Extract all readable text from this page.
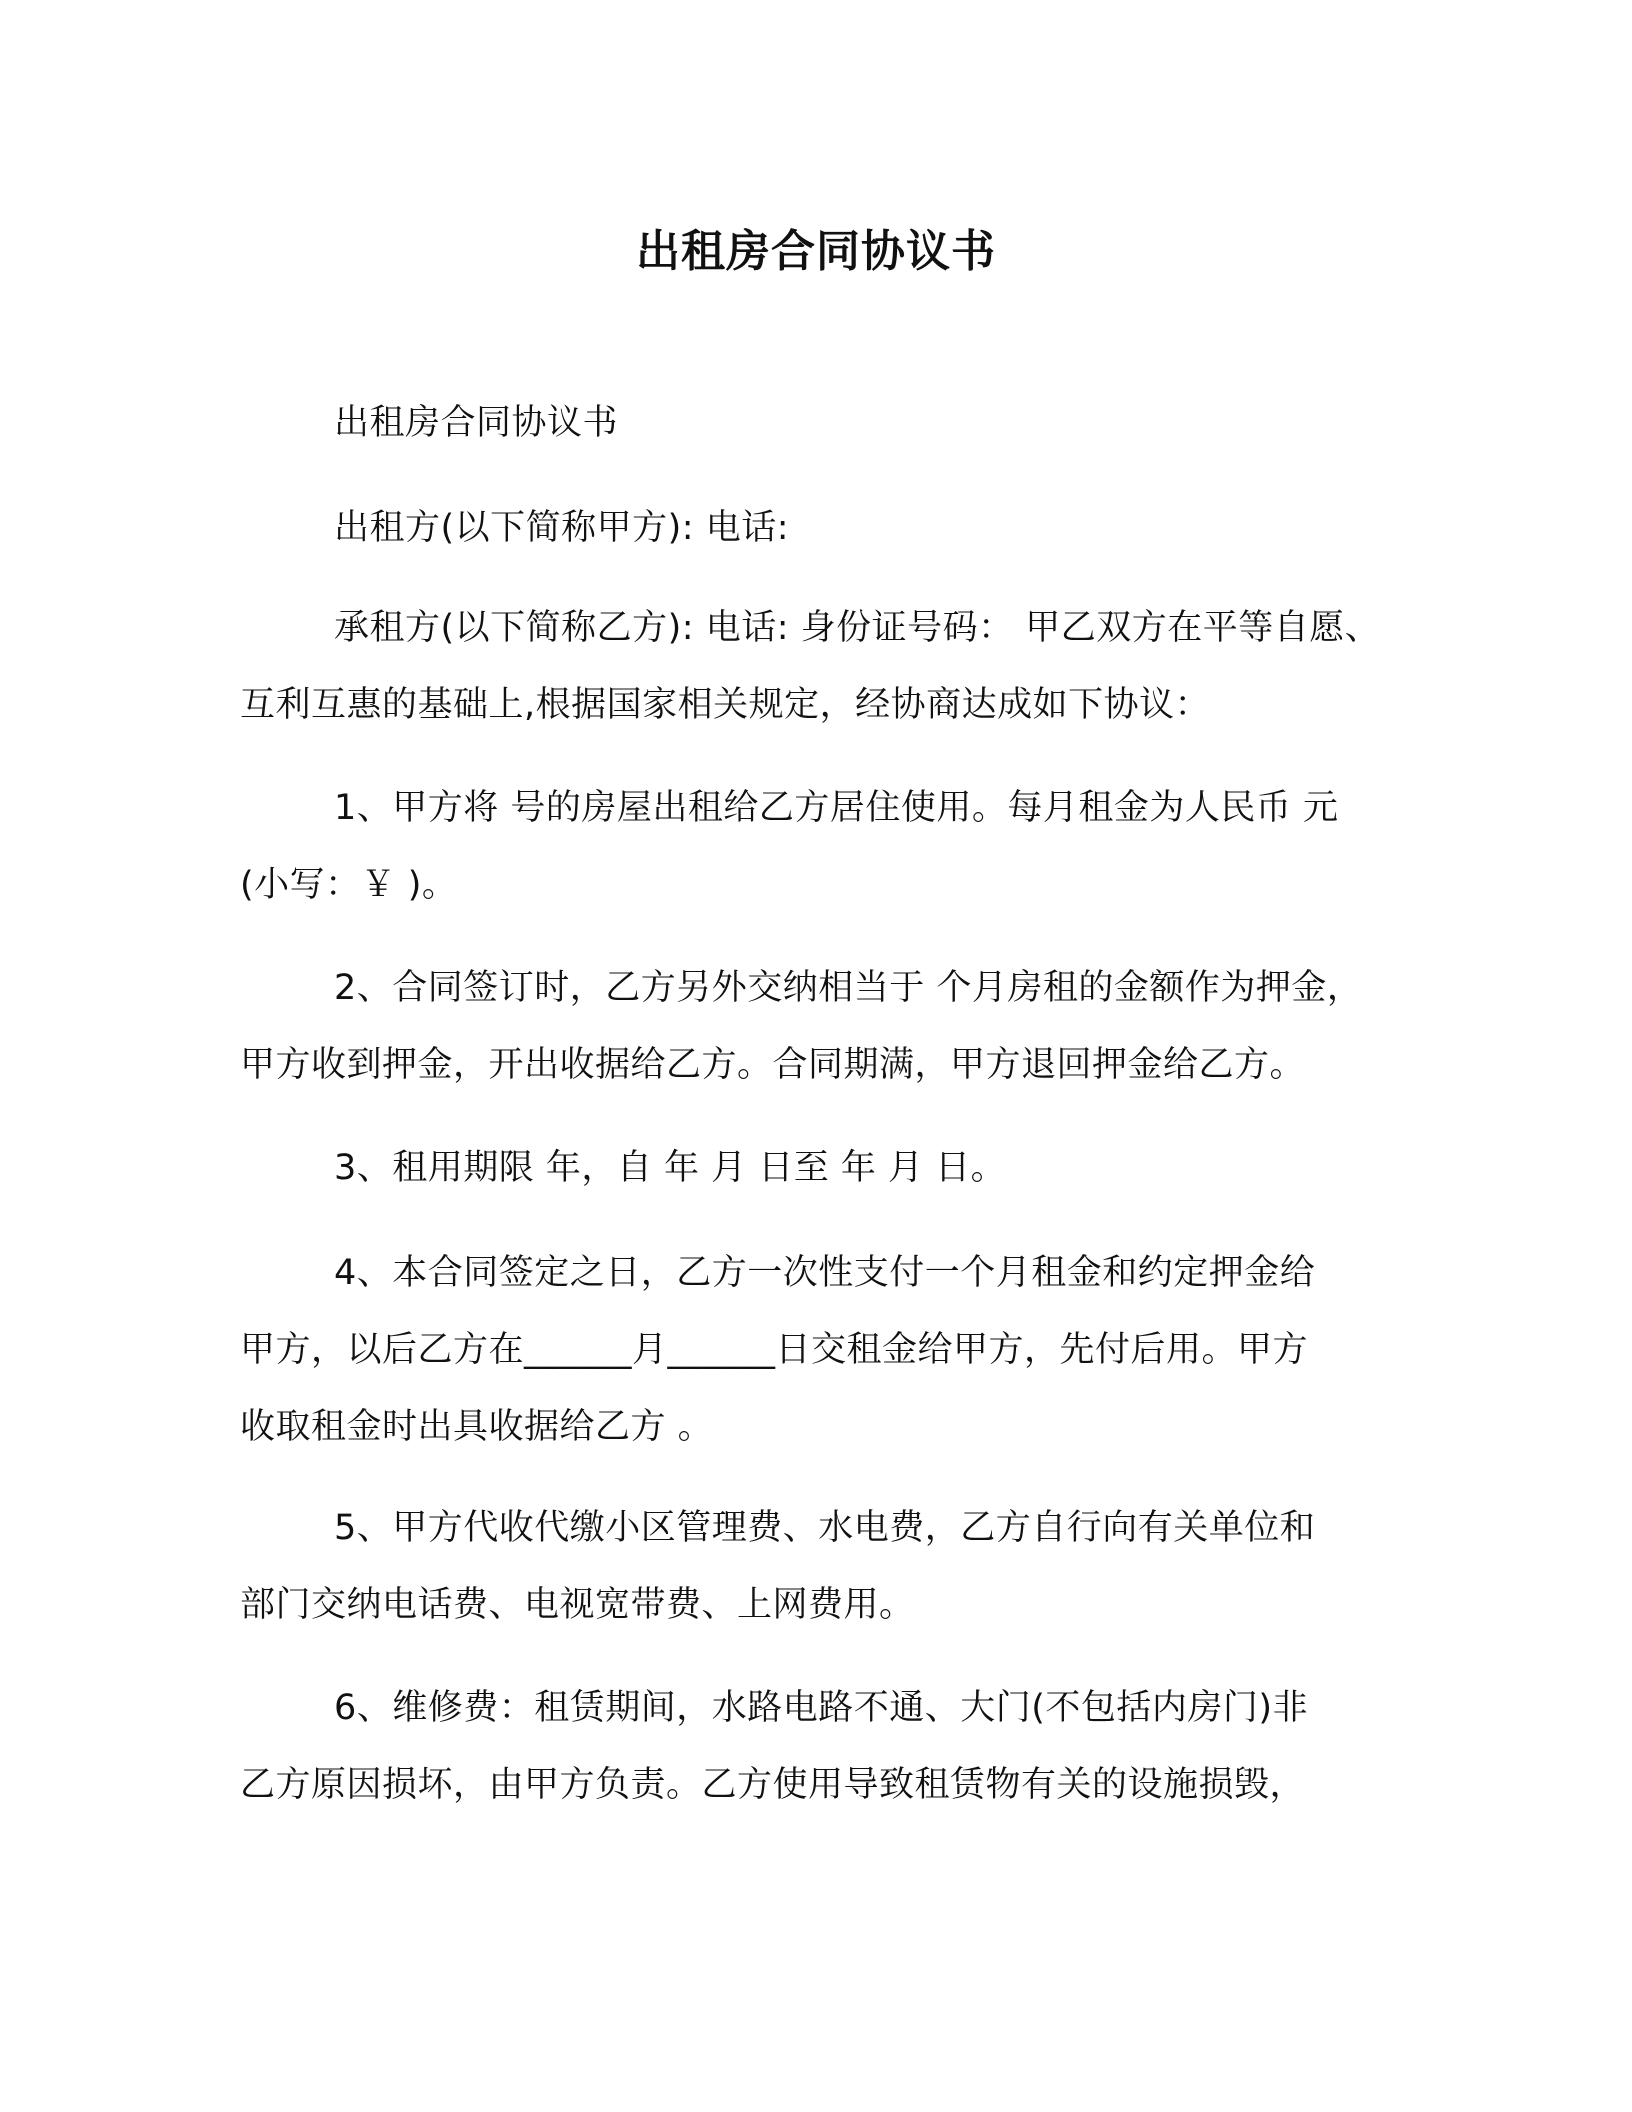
出租房合同协议书

出租房合同协议书

出租方(以下简称甲方): 电话:

承租方(以下简称乙方): 电话: 身份证号码： 甲乙双方在平等自愿、
互利互惠的基础上,根据国家相关规定，经协商达成如下协议：

1、甲方将 号的房屋出租给乙方居住使用。每月租金为人民币 元
(小写：￥ )。

2、合同签订时，乙方另外交纳相当于 个月房租的金额作为押金，
甲方收到押金，开出收据给乙方。合同期满，甲方退回押金给乙方。

3、租用期限 年，自 年 月 日至 年 月 日。

4、本合同签定之日，乙方一次性支付一个月租金和约定押金给
甲方，以后乙方在______月______日交租金给甲方，先付后用。甲方
收取租金时出具收据给乙方 。

5、甲方代收代缴小区管理费、水电费，乙方自行向有关单位和
部门交纳电话费、电视宽带费、上网费用。

6、维修费：租赁期间，水路电路不通、大门(不包括内房门)非
乙方原因损坏，由甲方负责。乙方使用导致租赁物有关的设施损毁，
